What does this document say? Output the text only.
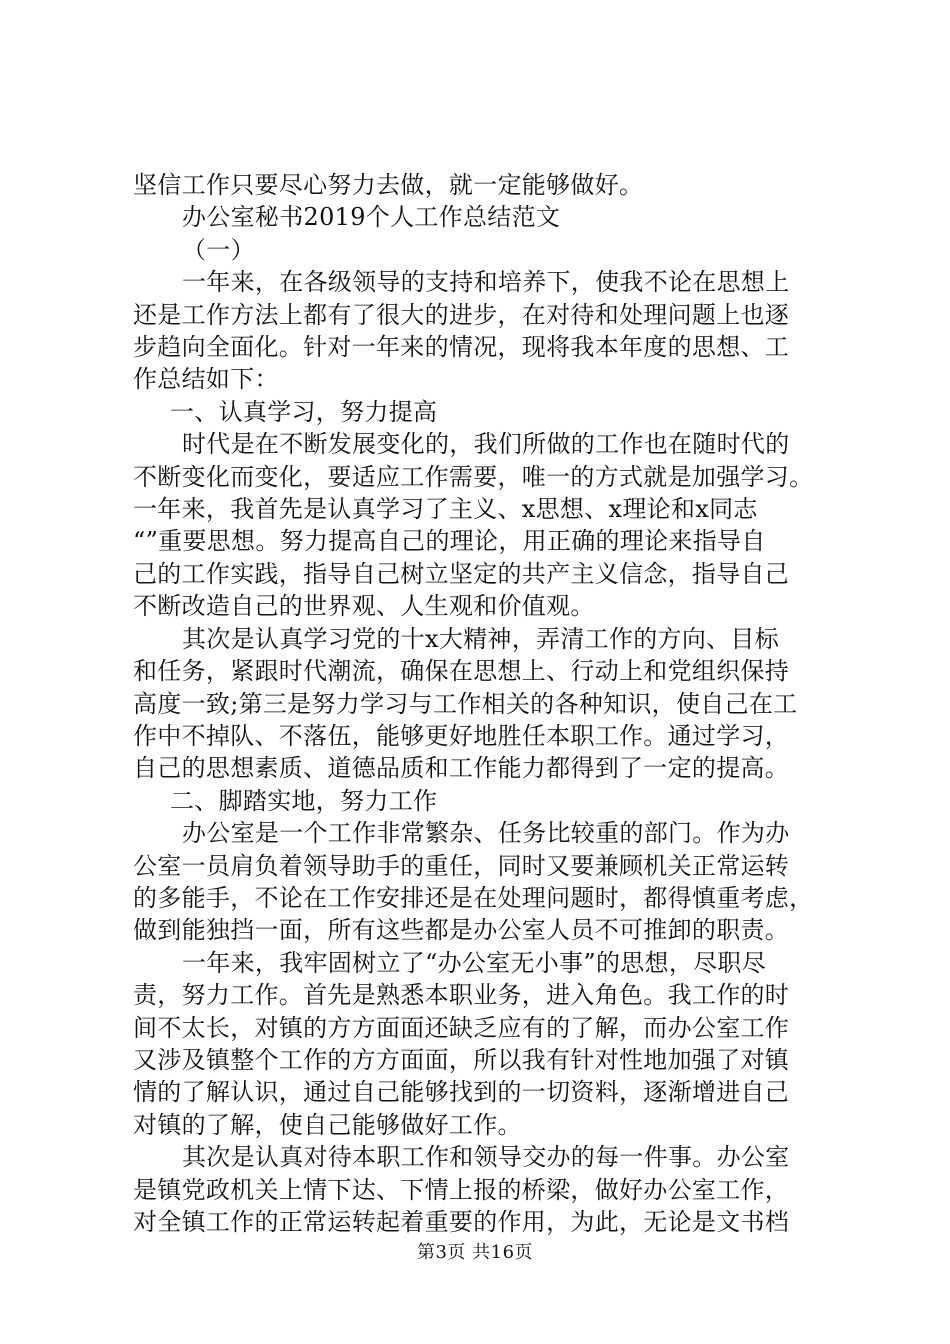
坚信工作只要尽心努力去做，就一定能够做好。
办公室秘书2019个人工作总结范文
（一）
一年来，在各级领导的支持和培养下，使我不论在思想上
还是工作方法上都有了很大的进步，在对待和处理问题上也逐
步趋向全面化。针对一年来的情况，现将我本年度的思想、工
作总结如下：
一、认真学习，努力提高
时代是在不断发展变化的，我们所做的工作也在随时代的
不断变化而变化，要适应工作需要，唯一的方式就是加强学习。
一年来，我首先是认真学习了主义、x思想、x理论和x同志
“”重要思想。努力提高自己的理论，用正确的理论来指导自
己的工作实践，指导自己树立坚定的共产主义信念，指导自己
不断改造自己的世界观、人生观和价值观。
其次是认真学习党的十x大精神，弄清工作的方向、目标
和任务，紧跟时代潮流，确保在思想上、行动上和党组织保持
高度一致;第三是努力学习与工作相关的各种知识，使自己在工
作中不掉队、不落伍，能够更好地胜任本职工作。通过学习，
自己的思想素质、道德品质和工作能力都得到了一定的提高。
二、脚踏实地，努力工作
办公室是一个工作非常繁杂、任务比较重的部门。作为办
公室一员肩负着领导助手的重任，同时又要兼顾机关正常运转
的多能手，不论在工作安排还是在处理问题时，都得慎重考虑，
做到能独挡一面，所有这些都是办公室人员不可推卸的职责。
一年来，我牢固树立了“办公室无小事”的思想，尽职尽
责，努力工作。首先是熟悉本职业务，进入角色。我工作的时
间不太长，对镇的方方面面还缺乏应有的了解，而办公室工作
又涉及镇整个工作的方方面面，所以我有针对性地加强了对镇
情的了解认识，通过自己能够找到的一切资料，逐渐增进自己
对镇的了解，使自己能够做好工作。
其次是认真对待本职工作和领导交办的每一件事。办公室
是镇党政机关上情下达、下情上报的桥梁，做好办公室工作，
对全镇工作的正常运转起着重要的作用，为此，无论是文书档
第3页 共16页
